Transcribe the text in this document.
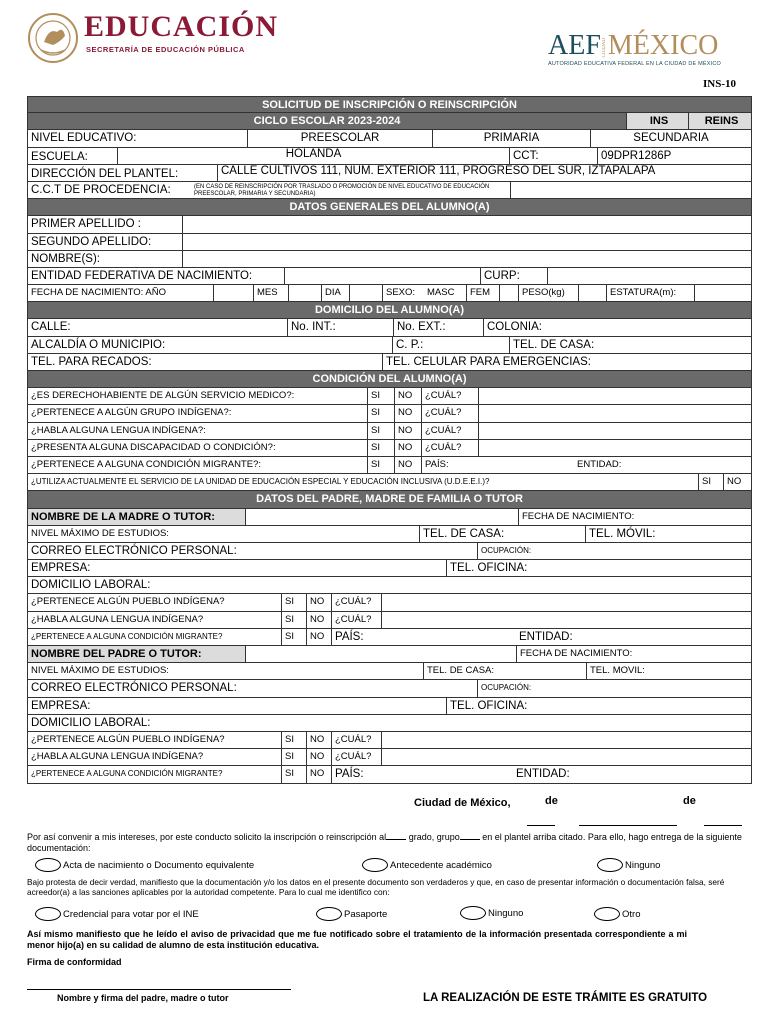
EDUCACIÓN
SECRETARÍA DE EDUCACIÓN PÚBLICA	AEFCIUDADMÉXICO
AUTORIDAD EDUCATIVA FEDERAL EN LA CIUDAD DE MÉXICO
INS-10
SOLICITUD DE INSCRIPCIÓN O REINSCRIPCIÓN
CICLO ESCOLAR 2023-2024	INS	REINS
NIVEL EDUCATIVO:	PREESCOLAR	PRIMARIA	SECUNDARIA
ESCUELA:	HOLANDA	CCT:	09DPR1286P
DIRECCIÓN DEL PLANTEL:	CALLE CULTIVOS 111, NUM. EXTERIOR 111, PROGRESO DEL SUR, IZTAPALAPA
C.C.T DE PROCEDENCIA:	(EN CASO DE REINSCRIPCIÓN POR TRASLADO O PROMOCIÓN DE NIVEL EDUCATIVO DE EDUCACIÓN PREESCOLAR, PRIMARIA Y SECUNDARIA)
DATOS GENERALES DEL ALUMNO(A)
PRIMER APELLIDO :
SEGUNDO APELLIDO:
NOMBRE(S):
ENTIDAD FEDERATIVA DE NACIMIENTO:	CURP:
FECHA DE NACIMIENTO: AÑO	MES	DIA	SEXO:	MASC	FEM	PESO(kg)	ESTATURA(m):
DOMICILIO DEL ALUMNO(A)
CALLE:	No. INT.:	No. EXT.:	COLONIA:
ALCALDÍA O MUNICIPIO:	C. P.:	TEL. DE CASA:
TEL. PARA RECADOS:	TEL. CELULAR PARA EMERGENCIAS:
CONDICIÓN DEL ALUMNO(A)
¿ES DERECHOHABIENTE DE ALGÚN SERVICIO MEDICO?:	SI	NO	¿CUÁL?
¿PERTENECE A ALGÚN GRUPO INDÍGENA?:	SI	NO	¿CUÁL?
¿HABLA ALGUNA LENGUA INDÍGENA?:	SI	NO	¿CUÁL?
¿PRESENTA ALGUNA DISCAPACIDAD O CONDICIÓN?:	SI	NO	¿CUÁL?
¿PERTENECE A ALGUNA CONDICIÓN MIGRANTE?:	SI	NO	PAÍS:	ENTIDAD:
¿UTILIZA ACTUALMENTE EL SERVICIO DE LA UNIDAD DE EDUCACIÓN ESPECIAL Y EDUCACIÓN INCLUSIVA (U.D.E.E.I.)?	SI	NO
DATOS DEL PADRE, MADRE DE FAMILIA O TUTOR
NOMBRE DE LA MADRE O TUTOR:	FECHA DE NACIMIENTO:
NIVEL MÁXIMO DE ESTUDIOS:	TEL. DE CASA:	TEL. MÓVIL:
CORREO ELECTRÓNICO PERSONAL:	OCUPACIÓN:
EMPRESA:	TEL. OFICINA:
DOMICILIO LABORAL:
¿PERTENECE ALGÚN PUEBLO INDÍGENA?	SI	NO	¿CUÁL?
¿HABLA ALGUNA LENGUA INDÍGENA?	SI	NO	¿CUÁL?
¿PERTENECE A ALGUNA CONDICIÓN MIGRANTE?	SI	NO PAÍS:	ENTIDAD:
NOMBRE DEL PADRE O TUTOR:	FECHA DE NACIMIENTO:
NIVEL MÁXIMO DE ESTUDIOS:	TEL. DE CASA:	TEL. MOVIL:
CORREO ELECTRÓNICO PERSONAL:	OCUPACIÓN:
EMPRESA:	TEL. OFICINA:
DOMICILIO LABORAL:
¿PERTENECE ALGÚN PUEBLO INDÍGENA?	SI	NO	¿CUÁL?
¿HABLA ALGUNA LENGUA INDÍGENA?	SI	NO	¿CUÁL?
¿PERTENECE A ALGUNA CONDICIÓN MIGRANTE?	SI	NO PAÍS:	ENTIDAD:
Ciudad de México,	de	de
Por así convenir a mis intereses, por este conducto solicito la inscripción o reinscripción al	grado, grupo	en el plantel arriba citado. Para ello, hago entrega de la siguiente documentación:
Acta de nacimiento o Documento equivalente	Antecedente académico	Ninguno
Bajo protesta de decir verdad, manifiesto que la documentación y/o los datos en el presente documento son verdaderos y que, en caso de presentar información o documentación falsa, seré acreedor(a) a las sanciones aplicables por la autoridad competente. Para lo cual me identifico con:
Credencial para votar por el INE	Pasaporte	Ninguno	Otro
Así mismo manifiesto que he leído el aviso de privacidad que me fue notificado sobre el tratamiento de la información presentada correspondiente a mi menor hijo(a) en su calidad de alumno de esta institución educativa.
Firma de conformidad
Nombre y firma del padre, madre o tutor	LA REALIZACIÓN DE ESTE TRÁMITE ES GRATUITO
